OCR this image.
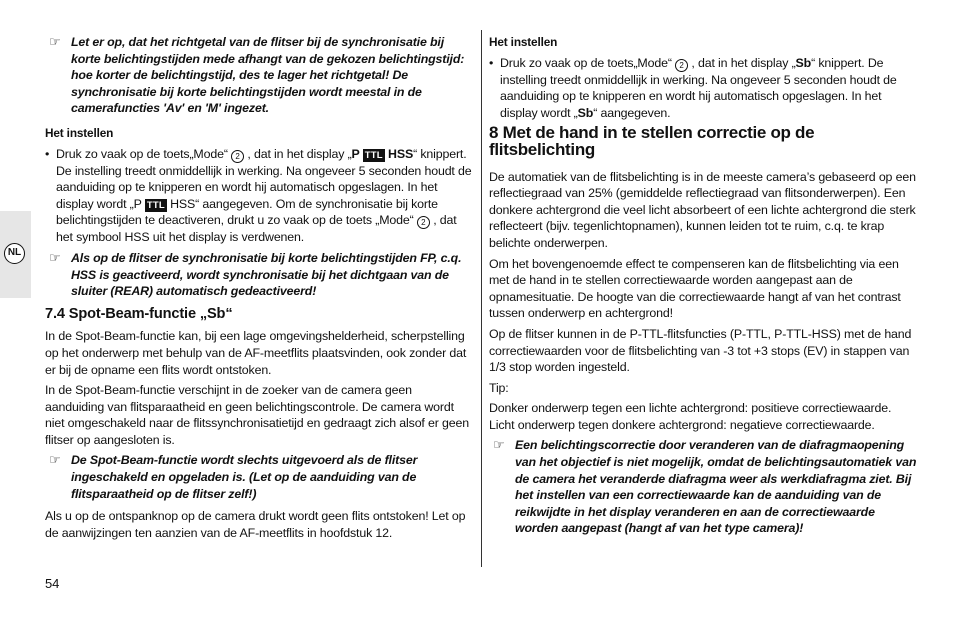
NL
☞ Let er op, dat het richtgetal van de flitser bij de synchronisatie bij korte belichtingstijden mede afhangt van de gekozen belichtingstijd: hoe korter de belichtingstijd, des te lager het richtgetal! De synchronisatie bij korte belichtingstijden wordt meestal in de camerafuncties 'Av' en 'M' ingezet.
Het instellen

• Druk zo vaak op de toets„Mode“ 2 , dat in het display „P TTL HSS“ knippert. De instelling treedt onmiddellijk in werking. Na ongeveer 5 seconden houdt de aanduiding op te knipperen en wordt hij automatisch opgeslagen. In het display wordt „P TTL HSS“ aangegeven. Om de synchronisatie bij korte belichtingstijden te deactiveren, drukt u zo vaak op de toets „Mode“ 2 , dat het symbool HSS uit het display is verdwenen.

☞ Als op de flitser de synchronisatie bij korte belichtingstijden FP, c.q. HSS is geactiveerd, wordt synchronisatie bij het dichtgaan van de sluiter (REAR) automatisch gedeactiveerd!
7.4 Spot-Beam-functie „Sb“

In de Spot-Beam-functie kan, bij een lage omgevingshelderheid, scherpstelling op het onderwerp met behulp van de AF-meetflits plaatsvinden, ook zonder dat er bij de opname een flits wordt ontstoken.

In de Spot-Beam-functie verschijnt in de zoeker van de camera geen aanduiding van flitsparaatheid en geen belichtingscontrole. De camera wordt niet omgeschakeld naar de flitssynchronisatietijd en gedraagt zich alsof er geen flitser op aangesloten is.

☞ De Spot-Beam-functie wordt slechts uitgevoerd als de flitser ingeschakeld en opgeladen is. (Let op de aanduiding van de flitsparaatheid op de flitser zelf!)

Als u op de ontspanknop op de camera drukt wordt geen flits ontstoken! Let op de aanwijzingen ten aanzien van de AF-meetflits in hoofdstuk 12.

Het instellen

• Druk zo vaak op de toets„Mode“ 2 , dat in het display „Sb“ knippert. De instelling treedt onmiddellijk in werking. Na ongeveer 5 seconden houdt de aanduiding op te knipperen en wordt hij automatisch opgeslagen. In het display wordt „Sb“ aangegeven.

8 Met de hand in te stellen correctie op de flitsbelichting

De automatiek van de flitsbelichting is in de meeste camera’s gebaseerd op een reflectiegraad van 25% (gemiddelde reflectiegraad van flitsonderwerpen). Een donkere achtergrond die veel licht absorbeert of een lichte achtergrond die sterk reflecteert (bijv. tegenlichtopnamen), kunnen leiden tot te ruim, c.q. te krap belichte onderwerpen.

Om het bovengenoemde effect te compenseren kan de flitsbelichting via een met de hand in te stellen correctiewaarde worden aangepast aan de opnamesituatie. De hoogte van die correctiewaarde hangt af van het contrast tussen onderwerp en achtergrond!

Op de flitser kunnen in de P-TTL-flitsfuncties (P-TTL, P-TTL-HSS) met de hand correctiewaarden voor de flitsbelichting van -3 tot +3 stops (EV) in stappen van 1/3 stop worden ingesteld.

Tip:

Donker onderwerp tegen een lichte achtergrond: positieve correctiewaarde. Licht onderwerp tegen donkere achtergrond: negatieve correctiewaarde.

☞ Een belichtingscorrectie door veranderen van de diafragmaopening van het objectief is niet mogelijk, omdat de belichtingsautomatiek van de camera het veranderde diafragma weer als werkdiafragma ziet. Bij het instellen van een correctiewaarde kan de aanduiding van de reikwijdte in het display veranderen en aan de correctiewaarde worden aangepast (hangt af van het type camera)!
54
